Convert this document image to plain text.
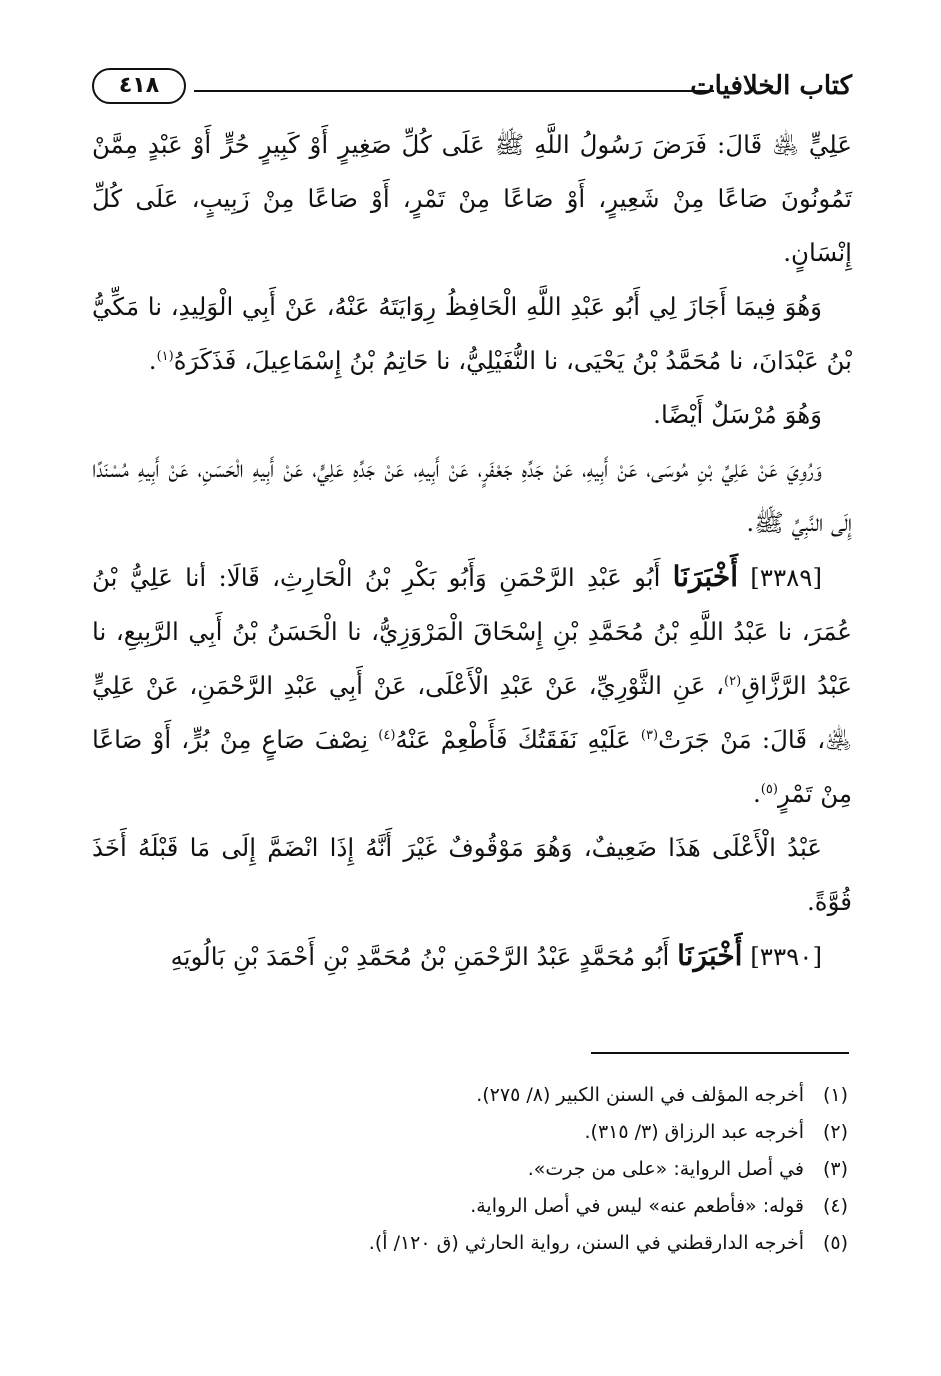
كتاب الخلافيات
٤١٨

عَلِيٍّ ﵁ قَالَ: فَرَضَ رَسُولُ اللَّهِ ﷺ عَلَى كُلِّ صَغِيرٍ أَوْ كَبِيرٍ حُرٍّ أَوْ عَبْدٍ مِمَّنْ تَمُونُونَ صَاعًا مِنْ شَعِيرٍ، أَوْ صَاعًا مِنْ تَمْرٍ، أَوْ صَاعًا مِنْ زَبِيبٍ، عَلَى كُلِّ إِنْسَانٍ.

وَهُوَ فِيمَا أَجَازَ لِي أَبُو عَبْدِ اللَّهِ الْحَافِظُ رِوَايَتَهُ عَنْهُ، عَنْ أَبِي الْوَلِيدِ، نا مَكِّيُّ بْنُ عَبْدَانَ، نا مُحَمَّدُ بْنُ يَحْيَى، نا النُّفَيْلِيُّ، نا حَاتِمُ بْنُ إِسْمَاعِيلَ، فَذَكَرَهُ$^{(١)}$.

وَهُوَ مُرْسَلٌ أَيْضًا.

وَرُوِيَ عَنْ عَلِيِّ بْنِ مُوسَى، عَنْ أَبِيهِ، عَنْ جَدِّهِ جَعْفَرٍ، عَنْ أَبِيهِ، عَنْ جَدِّهِ عَلِيٍّ، عَنْ أَبِيهِ الْحَسَنِ، عَنْ أَبِيهِ مُسْنَدًا إِلَى النَّبِيِّ ﷺ.

[٣٣٨٩] أَخْبَرَنَا أَبُو عَبْدِ الرَّحْمَنِ وَأَبُو بَكْرِ بْنُ الْحَارِثِ، قَالَا: أنا عَلِيُّ بْنُ عُمَرَ، نا عَبْدُ اللَّهِ بْنُ مُحَمَّدِ بْنِ إِسْحَاقَ الْمَرْوَزِيُّ، نا الْحَسَنُ بْنُ أَبِي الرَّبِيعِ، نا عَبْدُ الرَّزَّاقِ$^{(٢)}$، عَنِ الثَّوْرِيِّ، عَنْ عَبْدِ الْأَعْلَى، عَنْ أَبِي عَبْدِ الرَّحْمَنِ، عَنْ عَلِيٍّ ﵁، قَالَ: مَنْ جَرَتْ$^{(٣)}$ عَلَيْهِ نَفَقَتُكَ فَأَطْعِمْ عَنْهُ$^{(٤)}$ نِصْفَ صَاعٍ مِنْ بُرٍّ، أَوْ صَاعًا مِنْ تَمْرٍ$^{(٥)}$.

عَبْدُ الْأَعْلَى هَذَا ضَعِيفٌ، وَهُوَ مَوْقُوفٌ غَيْرَ أَنَّهُ إِذَا انْضَمَّ إِلَى مَا قَبْلَهُ أَخَذَ قُوَّةً.

[٣٣٩٠] أَخْبَرَنَا أَبُو مُحَمَّدٍ عَبْدُ الرَّحْمَنِ بْنُ مُحَمَّدِ بْنِ أَحْمَدَ بْنِ بَالُويَهِ

(١)أخرجه المؤلف في السنن الكبير (٨/ ٢٧٥).

(٢)أخرجه عبد الرزاق (٣/ ٣١٥).

(٣)في أصل الرواية: «على من جرت».

(٤)قوله: «فأطعم عنه» ليس في أصل الرواية.

(٥)أخرجه الدارقطني في السنن، رواية الحارثي (ق ١٢٠/ أ).
